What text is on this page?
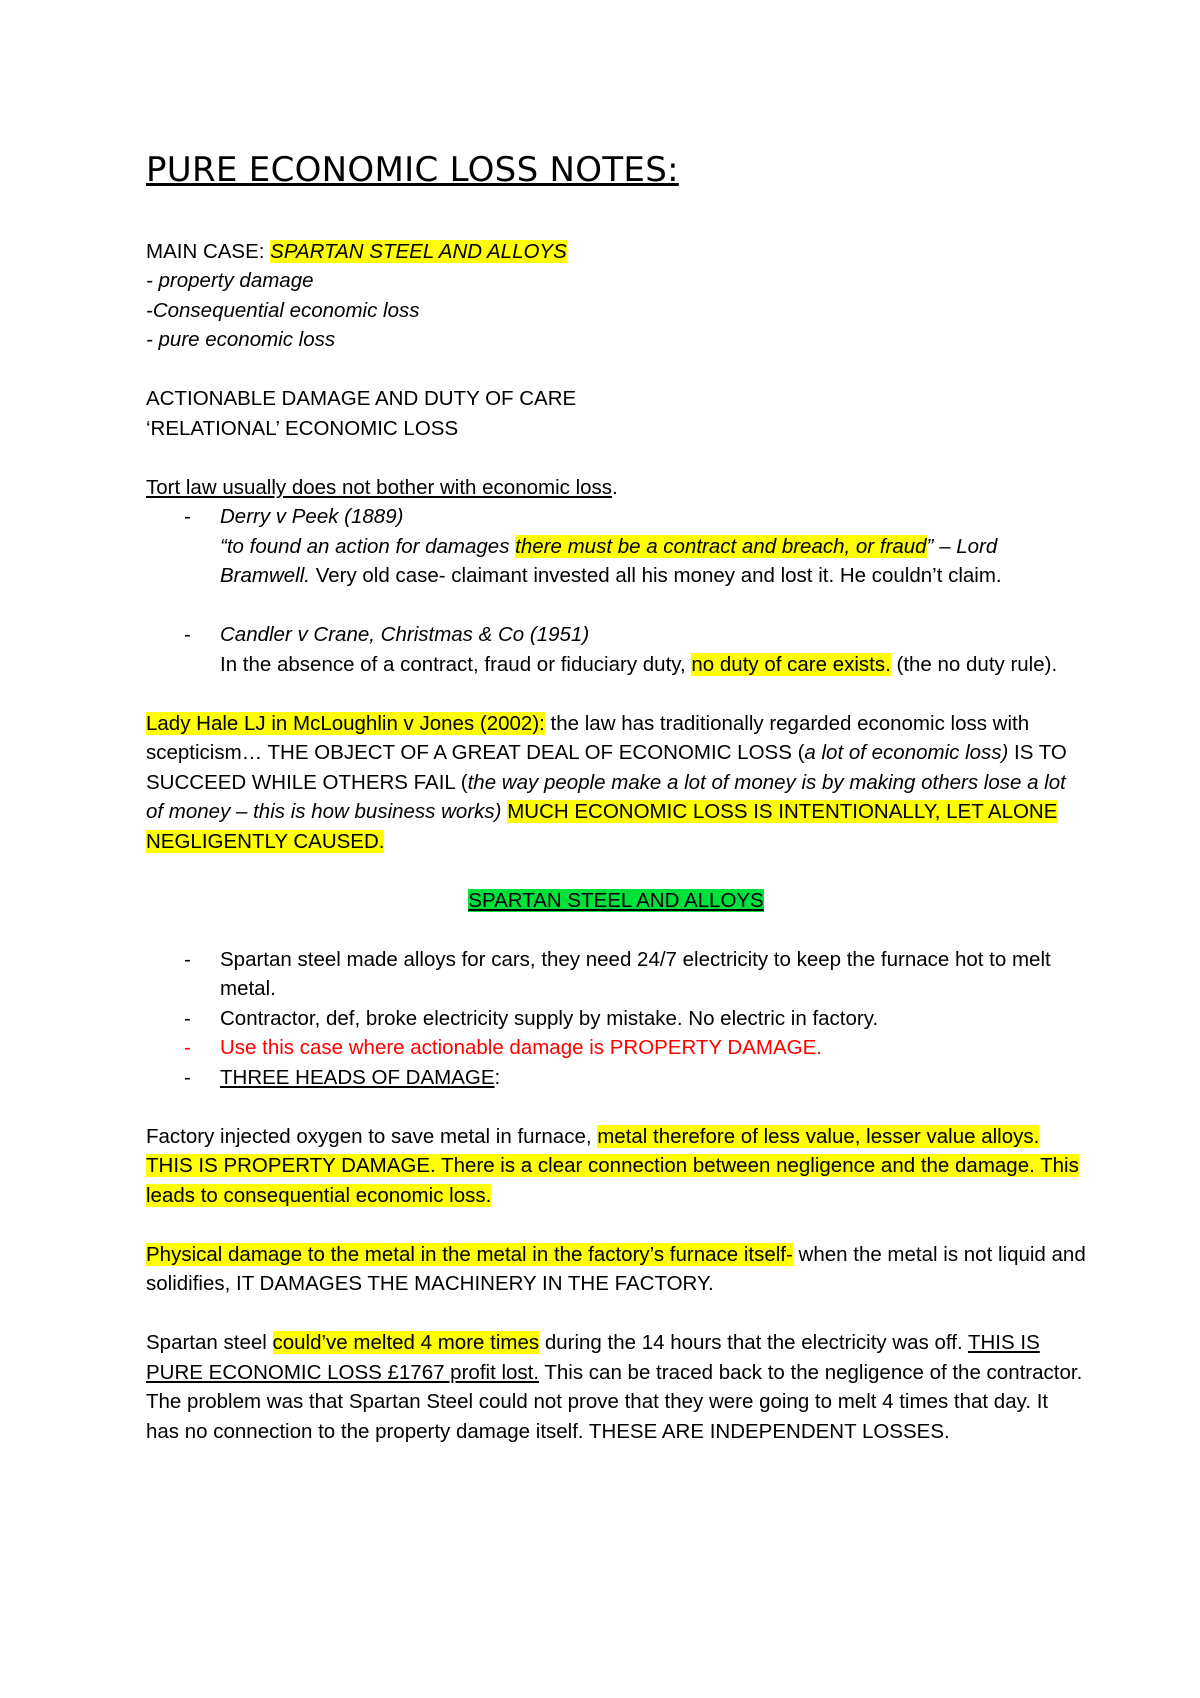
PURE ECONOMIC LOSS NOTES:

MAIN CASE: SPARTAN STEEL AND ALLOYS

- property damage

-Consequential economic loss

- pure economic loss

ACTIONABLE DAMAGE AND DUTY OF CARE

‘RELATIONAL’ ECONOMIC LOSS

Tort law usually does not bother with economic loss.

- Derry v Peek (1889)
“to found an action for damages there must be a contract and breach, or fraud” – Lord Bramwell. Very old case- claimant invested all his money and lost it. He couldn’t claim.
- Candler v Crane, Christmas & Co (1951)
In the absence of a contract, fraud or fiduciary duty, no duty of care exists. (the no duty rule).

Lady Hale LJ in McLoughlin v Jones (2002): the law has traditionally regarded economic loss with scepticism… THE OBJECT OF A GREAT DEAL OF ECONOMIC LOSS (a lot of economic loss) IS TO SUCCEED WHILE OTHERS FAIL (the way people make a lot of money is by making others lose a lot of money – this is how business works) MUCH ECONOMIC LOSS IS INTENTIONALLY, LET ALONE NEGLIGENTLY CAUSED.

SPARTAN STEEL AND ALLOYS

- Spartan steel made alloys for cars, they need 24/7 electricity to keep the furnace hot to melt metal.
- Contractor, def, broke electricity supply by mistake. No electric in factory.
- Use this case where actionable damage is PROPERTY DAMAGE.
- THREE HEADS OF DAMAGE:

Factory injected oxygen to save metal in furnace, metal therefore of less value, lesser value alloys. THIS IS PROPERTY DAMAGE. There is a clear connection between negligence and the damage. This leads to consequential economic loss.

Physical damage to the metal in the metal in the factory’s furnace itself- when the metal is not liquid and solidifies, IT DAMAGES THE MACHINERY IN THE FACTORY.

Spartan steel could’ve melted 4 more times during the 14 hours that the electricity was off. THIS IS PURE ECONOMIC LOSS £1767 profit lost. This can be traced back to the negligence of the contractor. The problem was that Spartan Steel could not prove that they were going to melt 4 times that day. It has no connection to the property damage itself. THESE ARE INDEPENDENT LOSSES.
